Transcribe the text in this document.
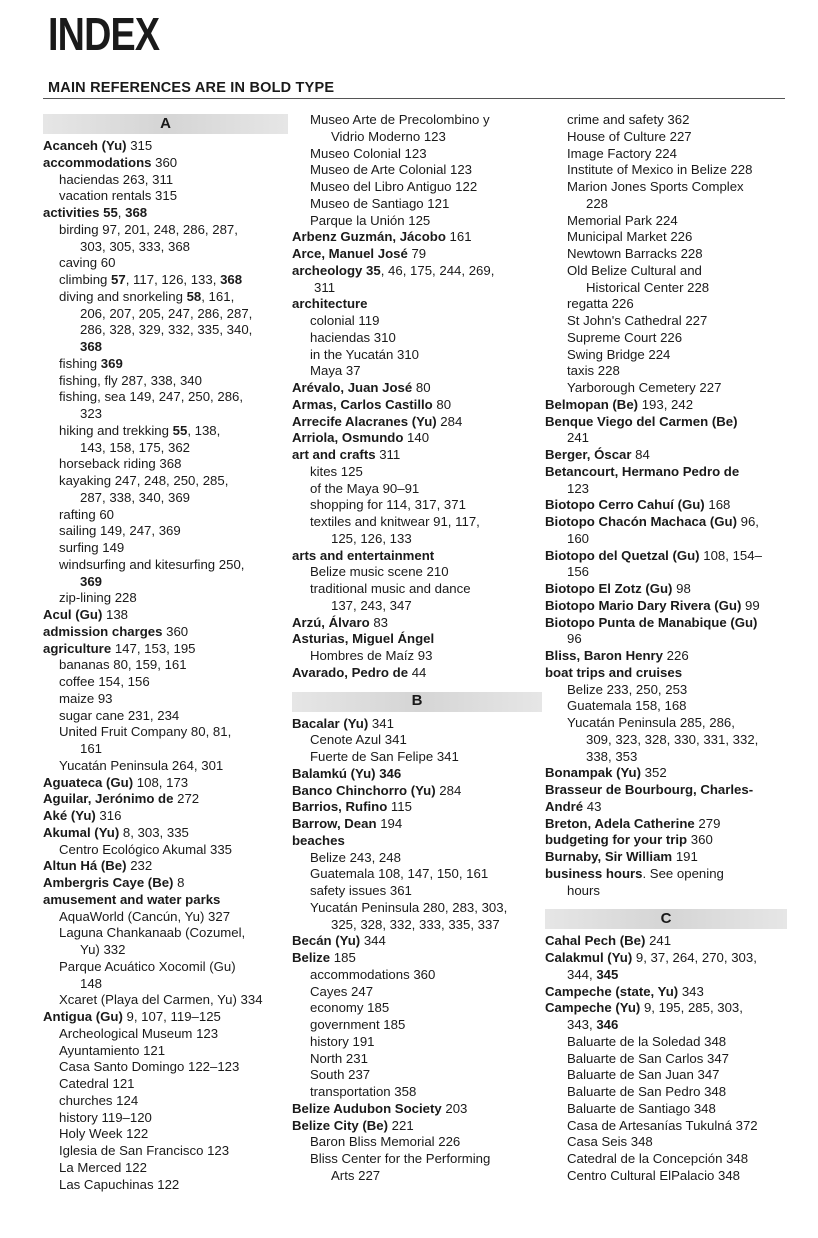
INDEX
MAIN REFERENCES ARE IN BOLD TYPE
A
Acanceh (Yu) 315
accommodations 360
haciendas 263, 311
vacation rentals 315
activities 55, 368
birding 97, 201, 248, 286, 287,
303, 305, 333, 368
caving 60
climbing 57, 117, 126, 133, 368
diving and snorkeling 58, 161,
206, 207, 205, 247, 286, 287,
286, 328, 329, 332, 335, 340,
368
fishing 369
fishing, fly 287, 338, 340
fishing, sea 149, 247, 250, 286,
323
hiking and trekking 55, 138,
143, 158, 175, 362
horseback riding 368
kayaking 247, 248, 250, 285,
287, 338, 340, 369
rafting 60
sailing 149, 247, 369
surfing 149
windsurfing and kitesurfing 250,
369
zip-lining 228
Acul (Gu) 138
admission charges 360
agriculture 147, 153, 195
bananas 80, 159, 161
coffee 154, 156
maize 93
sugar cane 231, 234
United Fruit Company 80, 81,
161
Yucatán Peninsula 264, 301
Aguateca (Gu) 108, 173
Aguilar, Jerónimo de 272
Aké (Yu) 316
Akumal (Yu) 8, 303, 335
Centro Ecológico Akumal 335
Altun Há (Be) 232
Ambergris Caye (Be) 8
amusement and water parks
AquaWorld (Cancún, Yu) 327
Laguna Chankanaab (Cozumel,
Yu) 332
Parque Acuático Xocomil (Gu)
148
Xcaret (Playa del Carmen, Yu) 334
Antigua (Gu) 9, 107, 119–125
Archeological Museum 123
Ayuntamiento 121
Casa Santo Domingo 122–123
Catedral 121
churches 124
history 119–120
Holy Week 122
Iglesia de San Francisco 123
La Merced 122
Las Capuchinas 122
Museo Arte de Precolombino y
Vidrio Moderno 123
Museo Colonial 123
Museo de Arte Colonial 123
Museo del Libro Antiguo 122
Museo de Santiago 121
Parque la Unión 125
Arbenz Guzmán, Jácobo 161
Arce, Manuel José 79
archeology 35, 46, 175, 244, 269,
311
architecture
colonial 119
haciendas 310
in the Yucatán 310
Maya 37
Arévalo, Juan José 80
Armas, Carlos Castillo 80
Arrecife Alacranes (Yu) 284
Arriola, Osmundo 140
art and crafts 311
kites 125
of the Maya 90–91
shopping for 114, 317, 371
textiles and knitwear 91, 117,
125, 126, 133
arts and entertainment
Belize music scene 210
traditional music and dance
137, 243, 347
Arzú, Álvaro 83
Asturias, Miguel Ángel
Hombres de Maíz 93
Avarado, Pedro de 44
B
Bacalar (Yu) 341
Cenote Azul 341
Fuerte de San Felipe 341
Balamkú (Yu) 346
Banco Chinchorro (Yu) 284
Barrios, Rufino 115
Barrow, Dean 194
beaches
Belize 243, 248
Guatemala 108, 147, 150, 161
safety issues 361
Yucatán Peninsula 280, 283, 303,
325, 328, 332, 333, 335, 337
Becán (Yu) 344
Belize 185
accommodations 360
Cayes 247
economy 185
government 185
history 191
North 231
South 237
transportation 358
Belize Audubon Society 203
Belize City (Be) 221
Baron Bliss Memorial 226
Bliss Center for the Performing
Arts 227
crime and safety 362
House of Culture 227
Image Factory 224
Institute of Mexico in Belize 228
Marion Jones Sports Complex
228
Memorial Park 224
Municipal Market 226
Newtown Barracks 228
Old Belize Cultural and
Historical Center 228
regatta 226
St John's Cathedral 227
Supreme Court 226
Swing Bridge 224
taxis 228
Yarborough Cemetery 227
Belmopan (Be) 193, 242
Benque Viego del Carmen (Be)
241
Berger, Óscar 84
Betancourt, Hermano Pedro de
123
Biotopo Cerro Cahuí (Gu) 168
Biotopo Chacón Machaca (Gu) 96,
160
Biotopo del Quetzal (Gu) 108, 154–
156
Biotopo El Zotz (Gu) 98
Biotopo Mario Dary Rivera (Gu) 99
Biotopo Punta de Manabique (Gu)
96
Bliss, Baron Henry 226
boat trips and cruises
Belize 233, 250, 253
Guatemala 158, 168
Yucatán Peninsula 285, 286,
309, 323, 328, 330, 331, 332,
338, 353
Bonampak (Yu) 352
Brasseur de Bourbourg, Charles-
André 43
Breton, Adela Catherine 279
budgeting for your trip 360
Burnaby, Sir William 191
business hours. See opening
hours
C
Cahal Pech (Be) 241
Calakmul (Yu) 9, 37, 264, 270, 303,
344, 345
Campeche (state, Yu) 343
Campeche (Yu) 9, 195, 285, 303,
343, 346
Baluarte de la Soledad 348
Baluarte de San Carlos 347
Baluarte de San Juan 347
Baluarte de San Pedro 348
Baluarte de Santiago 348
Casa de Artesanías Tukulná 372
Casa Seis 348
Catedral de la Concepción 348
Centro Cultural ElPalacio 348
